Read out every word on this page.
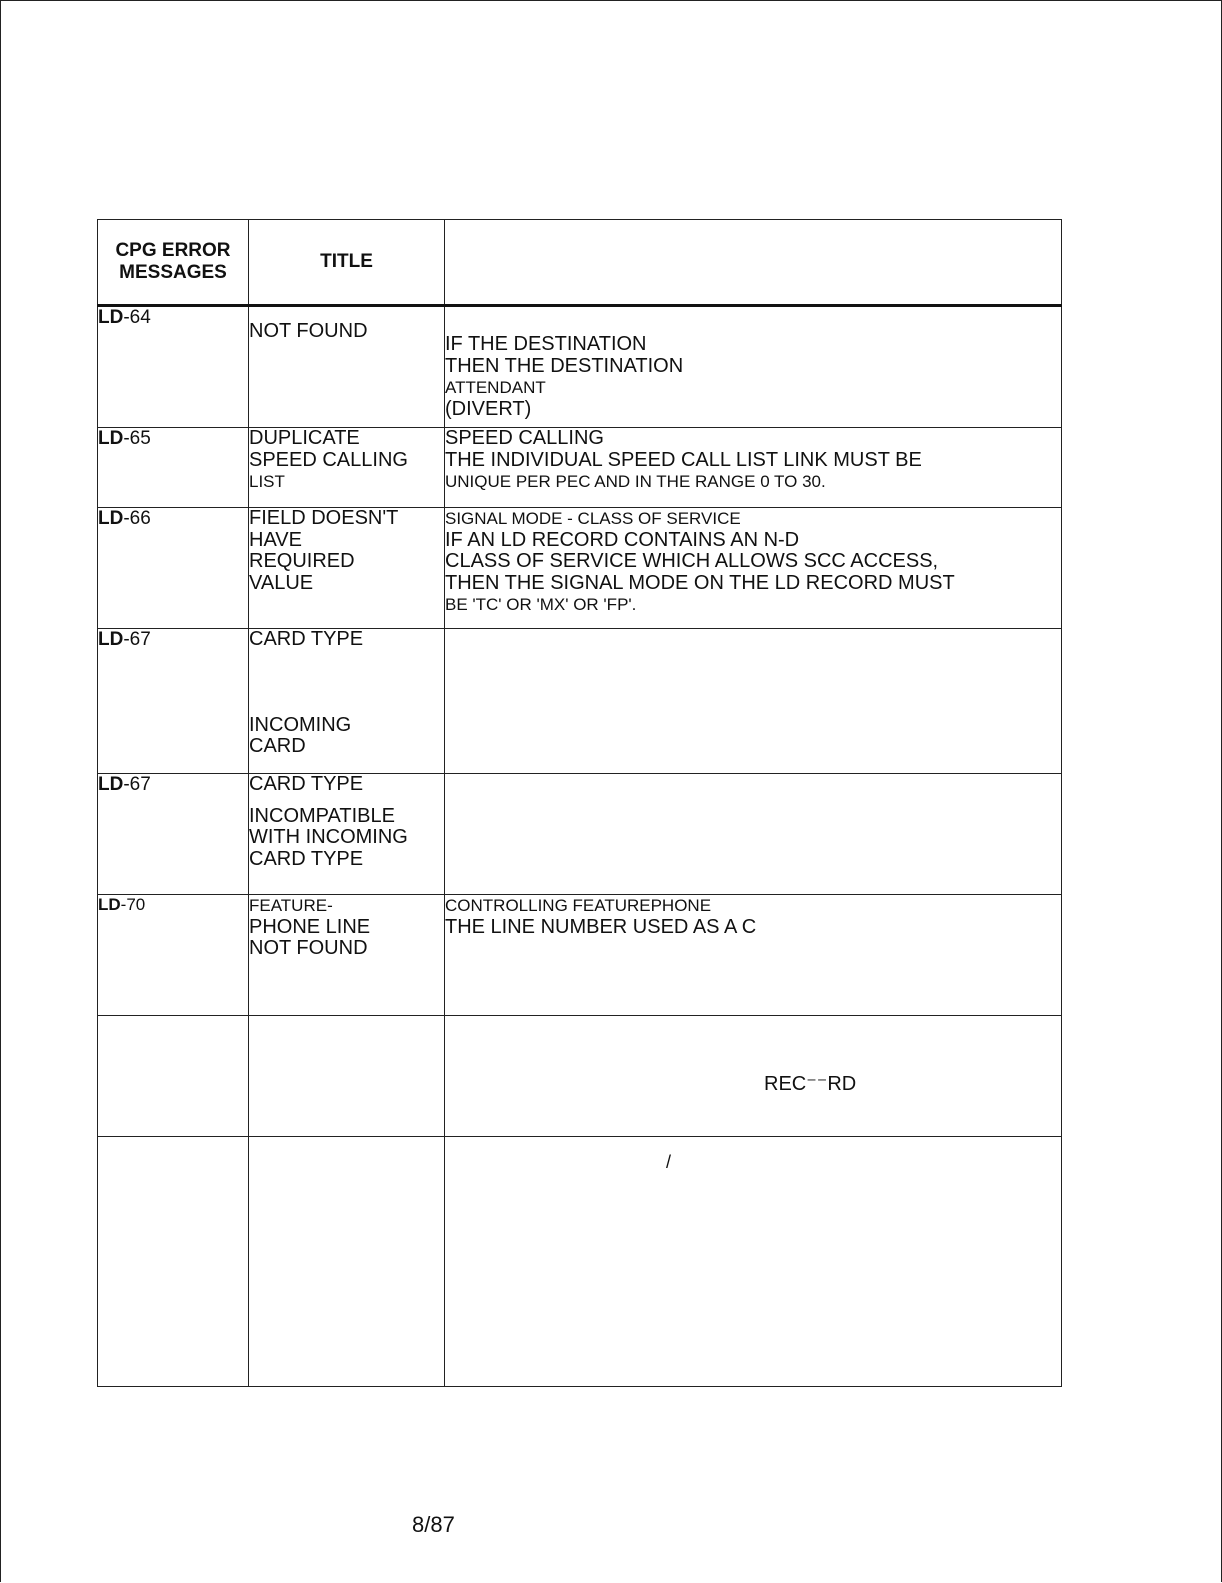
CPG ERROR
MESSAGES	TITLE	

LD-64	NOT FOUND	IF THE DESTINATION
THEN THE DESTINATION
ATTENDANT
(DIVERT)

LD-65	DUPLICATE
SPEED CALLING
LIST	SPEED CALLING
THE INDIVIDUAL SPEED CALL LIST LINK MUST BE
UNIQUE PER PEC AND IN THE RANGE 0 TO 30.

LD-66	FIELD DOESN'T
HAVE
REQUIRED
VALUE	SIGNAL MODE - CLASS OF SERVICE
IF AN LD RECORD CONTAINS AN N-D
CLASS OF SERVICE WHICH ALLOWS SCC ACCESS,
THEN THE SIGNAL MODE ON THE LD RECORD MUST
BE 'TC' OR 'MX' OR 'FP'.

LD-67	CARD TYPE
INCOMING
CARD	

LD-67	CARD TYPE
INCOMPATIBLE
WITH INCOMING
CARD TYPE	

LD-70	FEATURE-
PHONE LINE
NOT FOUND	CONTROLLING FEATUREPHONE
THE LINE NUMBER USED AS A C

REC⁻⁻RD
/
8/87
